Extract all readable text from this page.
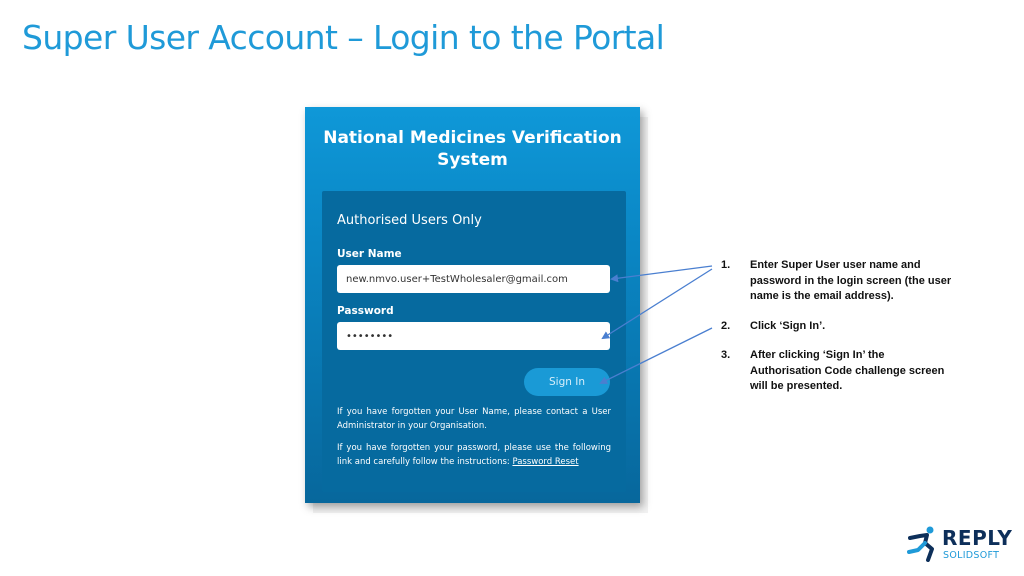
Super User Account – Login to the Portal
National Medicines Verification
System
Authorised Users Only
User Name
new.nmvo.user+TestWholesaler@gmail.com
Password
••••••••
Sign In
If you have forgotten your User Name, please contact a User Administrator in your Organisation.
If you have forgotten your password, please use the following link and carefully follow the instructions: Password Reset
1. Enter Super User user name and password in the login screen (the user name is the email address).
2. Click ‘Sign In’.
3. After clicking ‘Sign In’ the Authorisation Code challenge screen will be presented.
REPLY
SOLIDSOFT
